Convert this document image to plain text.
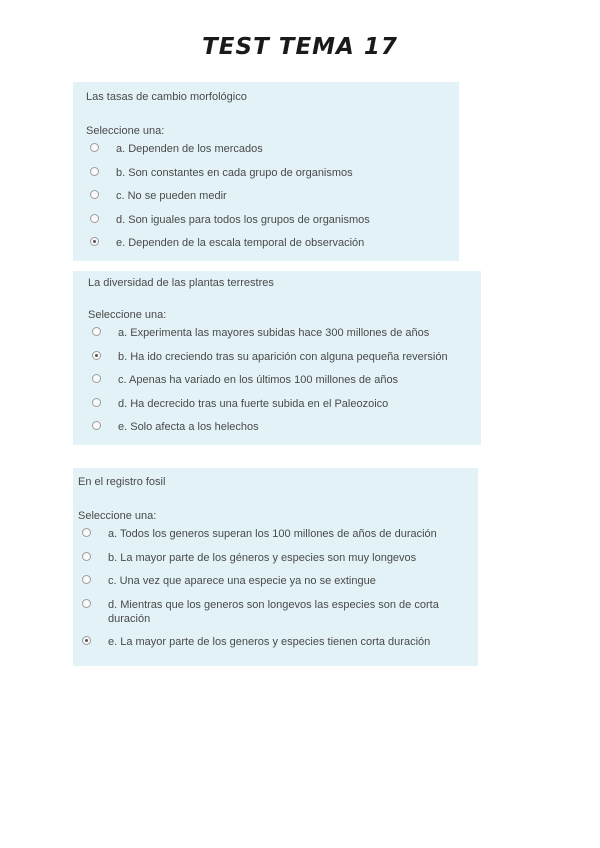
TEST TEMA 17
Las tasas de cambio morfológico
Seleccione una:
a. Dependen de los mercados
b. Son constantes en cada grupo de organismos
c. No se pueden medir
d. Son iguales para todos los grupos de organismos
e. Dependen de la escala temporal de observación
La diversidad de las plantas terrestres
Seleccione una:
a. Experimenta las mayores subidas hace 300 millones de años
b. Ha ido creciendo tras su aparición con alguna pequeña reversión
c. Apenas ha variado en los últimos 100 millones de años
d. Ha decrecido tras una fuerte subida en el Paleozoico
e. Solo afecta a los helechos
En el registro fosil
Seleccione una:
a. Todos los generos superan los 100 millones de años de duración
b. La mayor parte de los géneros y especies son muy longevos
c. Una vez que aparece una especie ya no se extingue
d. Mientras que los generos son longevos las especies son de corta duración
e. La mayor parte de los generos y especies tienen corta duración
